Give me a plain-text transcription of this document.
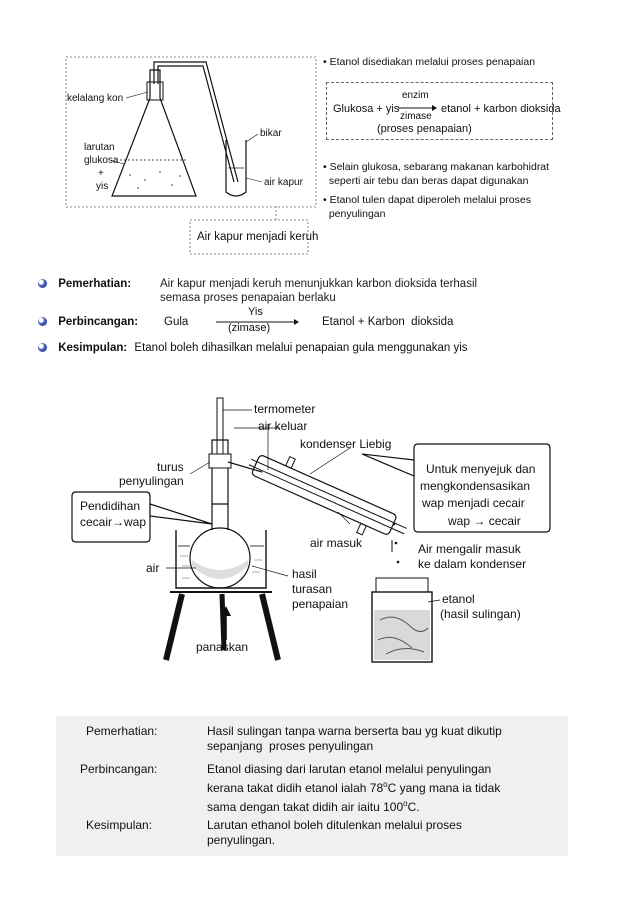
kelalang kon
larutan
glukosa
+
yis
bikar
air kapur
Air kapur menjadi keruh
• Etanol disediakan melalui proses penapaian
Glukosa + yis
enzim
zimase
etanol + karbon dioksida
(proses penapaian)
• Selain glukosa, sebarang makanan karbohidrat
seperti air tebu dan beras dapat digunakan
• Etanol tulen dapat diperoleh melalui proses
penyulingan
Pemerhatian:	Air kapur menjadi keruh menunjukkan karbon dioksida terhasil
semasa proses penapaian berlaku
Perbincangan: Gula
Yis
(zimase)	Etanol + Karbon  dioksida
Kesimpulan: Etanol boleh dihasilkan melalui penapaian gula menggunakan yis
termometer
air keluar
kondenser Liebig
turus
penyulingan
Pendidihan
cecair→wap
Untuk menyejuk dan
mengkondensasikan
wap menjadi cecair
wap → cecair
air masuk	Air mengalir masuk
ke dalam kondenser
air	hasil
turasan
penapaian	etanol
(hasil sulingan)
panaskan
Pemerhatian:	Hasil sulingan tanpa warna berserta bau yg kuat dikutip
sepanjang  proses penyulingan
Perbincangan:	Etanol diasing dari larutan etanol melalui penyulingan
kerana takat didih etanol ialah 78$^o$C yang mana ia tidak
sama dengan takat didih air iaitu 100$^o$C.
Kesimpulan:	Larutan ethanol boleh ditulenkan melalui proses
penyulingan.
